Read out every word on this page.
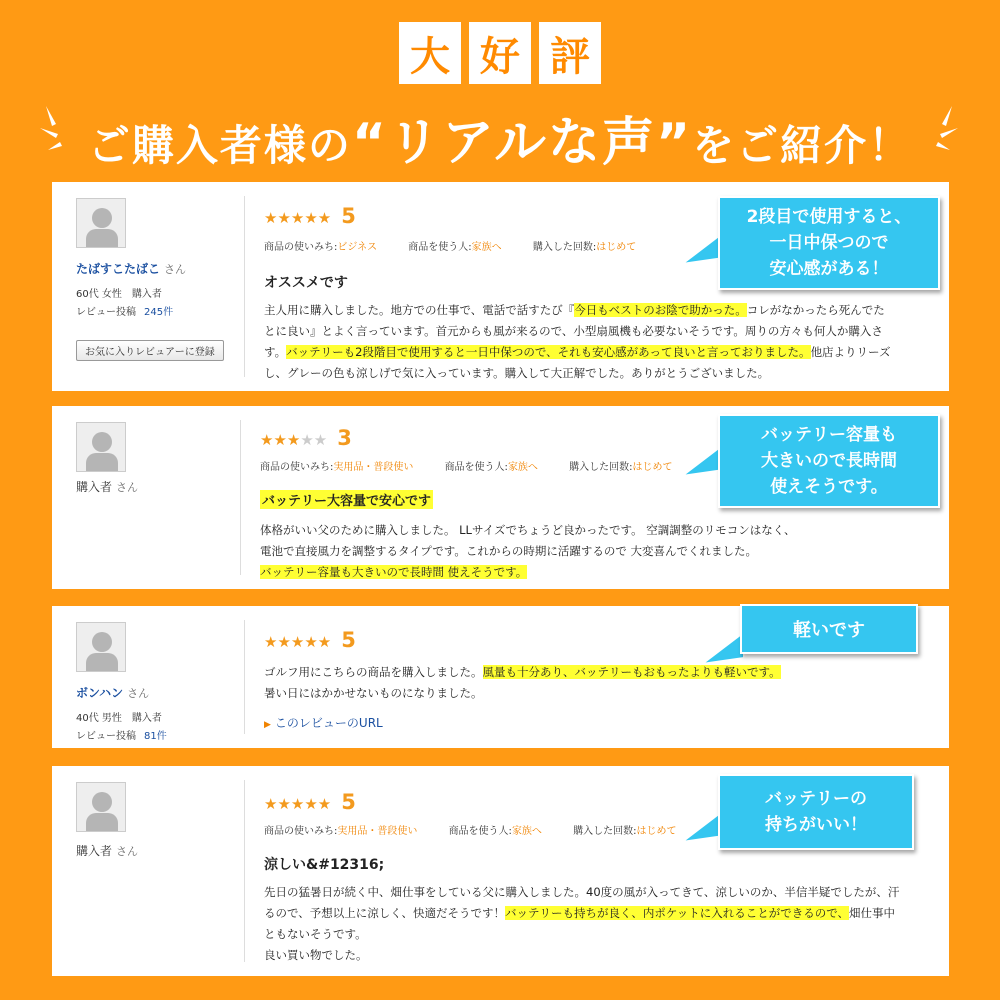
大 好 評
ご購入者様の“リアルな声”をご紹介！
たばすこたばこ さん
60代 女性　購入者
レビュー投稿 245件
お気に入りレビュアーに登録
★★★★★ 5
商品の使いみち:ビジネス	商品を使う人:家族へ	購入した回数:はじめて
オススメです
主人用に購入しました。地方での仕事で、電話で話すたび『今日もベストのお陰で助かった。コレがなかったら死んでた
とに良い』とよく言っています。首元からも風が来るので、小型扇風機も必要ないそうです。周りの方々も何人か購入さ
す。バッテリーも2段階目で使用すると一日中保つので、それも安心感があって良いと言っておりました。他店よりリーズ
し、グレーの色も涼しげで気に入っています。購入して大正解でした。ありがとうございました。
2段目で使用すると、
一日中保つので
安心感がある！
購入者 さん
★★★★★ 3
商品の使いみち:実用品・普段使い	商品を使う人:家族へ	購入した回数:はじめて
バッテリー大容量で安心です
体格がいい父のために購入しました。 LLサイズでちょうど良かったです。 空調調整のリモコンはなく、
電池で直接風力を調整するタイプです。これからの時期に活躍するので 大変喜んでくれました。
バッテリー容量も大きいので長時間 使えそうです。
バッテリー容量も
大きいので長時間
使えそうです。
ボンハン さん
40代 男性　購入者
レビュー投稿 81件
★★★★★ 5
ゴルフ用にこちらの商品を購入しました。風量も十分あり、バッテリーもおもったよりも軽いです。
暑い日にはかかせないものになりました。
▶ このレビューのURL
軽いです
購入者 さん
★★★★★ 5
商品の使いみち:実用品・普段使い	商品を使う人:家族へ	購入した回数:はじめて
涼しい&#12316;
先日の猛暑日が続く中、畑仕事をしている父に購入しました。40度の風が入ってきて、涼しいのか、半信半疑でしたが、汗
るので、予想以上に涼しく、快適だそうです！バッテリーも持ちが良く、内ポケットに入れることができるので、畑仕事中
ともないそうです。
良い買い物でした。
バッテリーの
持ちがいい！
